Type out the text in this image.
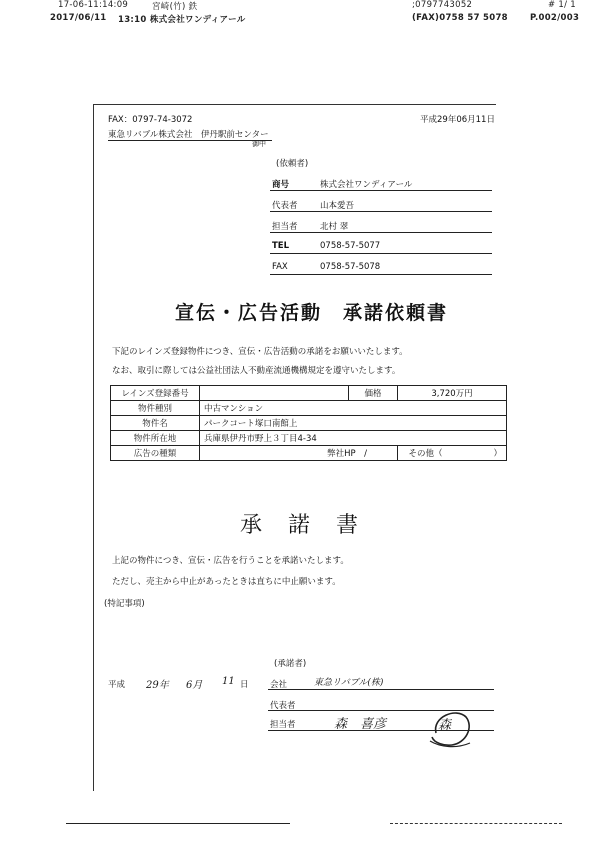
17-06-11:14:09	宮崎(竹) 鉄	;0797743052	# 1/ 1
2017/06/11 13:10 株式会社ワンディアール	(FAX)0758 57 5078	P.002/003
FAX：0797-74-3072
東急リバブル株式会社　伊丹駅前センター
御中
平成29年06月11日
(依頼者)
商号	株式会社ワンディアール
代表者	山本愛吾
担当者	北村 翠
TEL	0758-57-5077
FAX	0758-57-5078
宣伝・広告活動　承諾依頼書
下記のレインズ登録物件につき、宣伝・広告活動の承諾をお願いいたします。
なお、取引に際しては公益社団法人不動産流通機構規定を遵守いたします。
レインズ登録番号		価格	3,720万円
物件種別	中古マンション		
物件名	パークコート塚口南館上		
物件所在地	兵庫県伊丹市野上３丁目4-34		
広告の種類	弊社HP　/		その他（　　　　　　）
承　諾　書
上記の物件につき、宣伝・広告を行うことを承諾いたします。
ただし、売主から中止があったときは直ちに中止願います。
(特記事項)
(承諾者)
平成 29年 6月 11 日	会社	東急リバブル(株)
代表者
担当者	森　喜彦	森
